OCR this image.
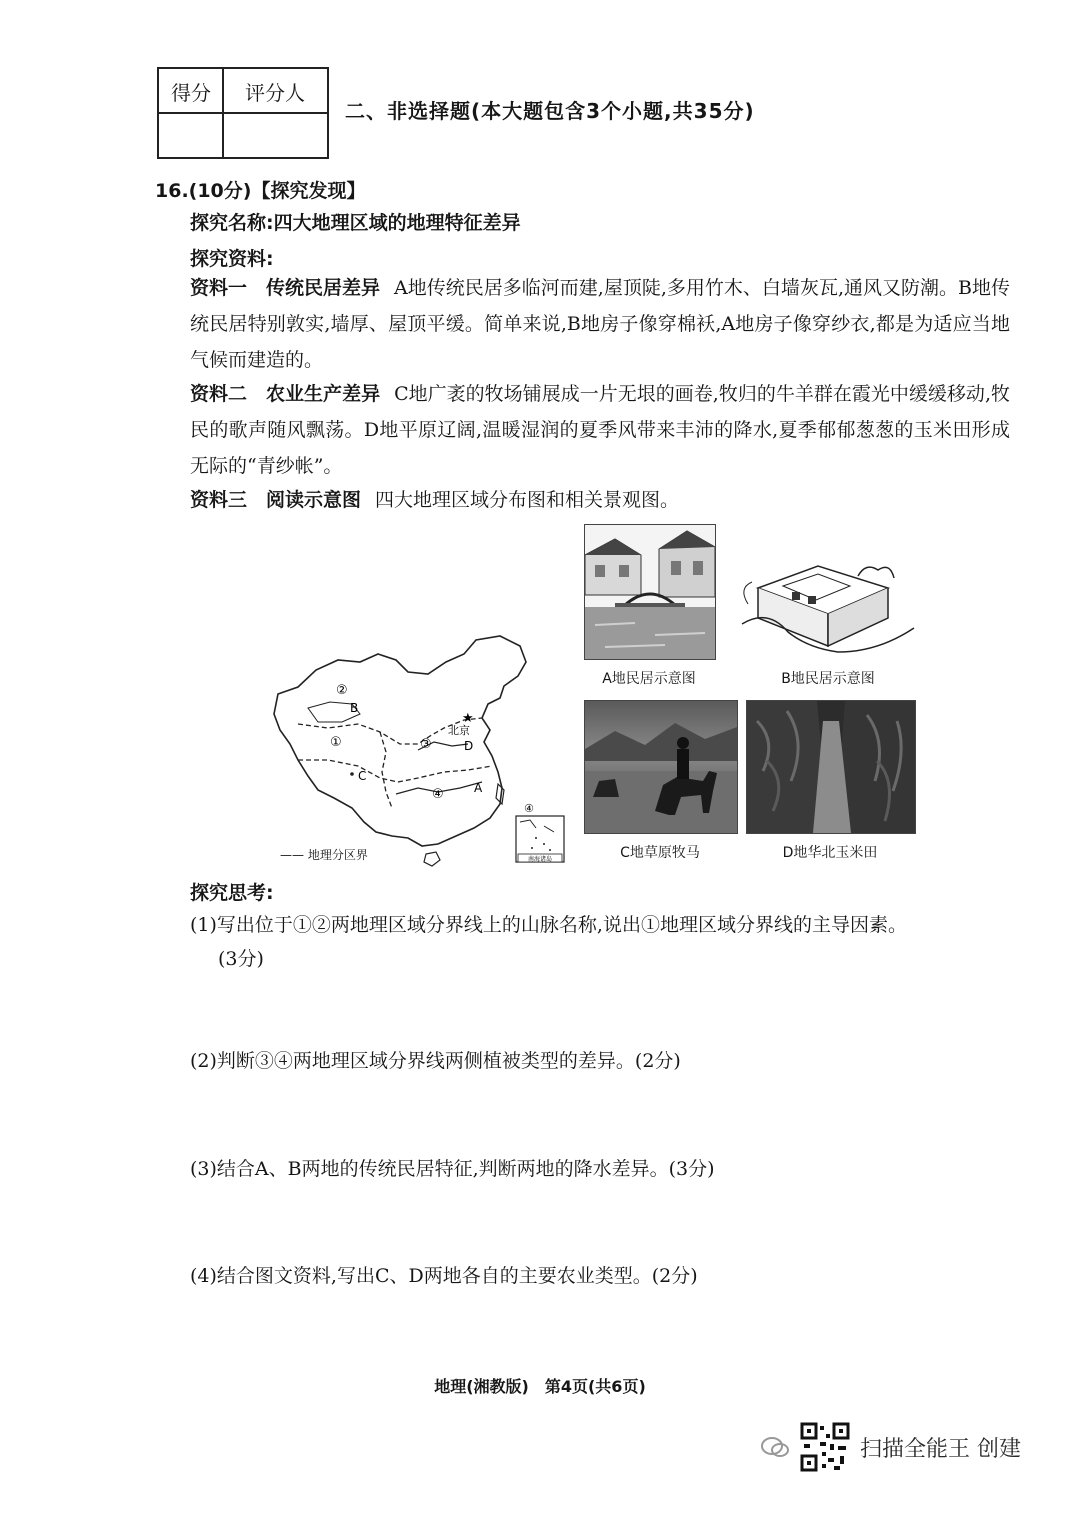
得分	评分人
二、非选择题(本大题包含3个小题,共35分)
16.(10分)【探究发现】
探究名称:四大地理区域的地理特征差异
探究资料:
资料一　传统民居差异 A地传统民居多临河而建,屋顶陡,多用竹木、白墙灰瓦,通风又防潮。B地传统民居特别敦实,墙厚、屋顶平缓。简单来说,B地房子像穿棉袄,A地房子像穿纱衣,都是为适应当地气候而建造的。
资料二　农业生产差异 C地广袤的牧场铺展成一片无垠的画卷,牧归的牛羊群在霞光中缓缓移动,牧民的歌声随风飘荡。D地平原辽阔,温暖湿润的夏季风带来丰沛的降水,夏季郁郁葱葱的玉米田形成无际的“青纱帐”。
资料三　阅读示意图 四大地理区域分布图和相关景观图。
②
B
①
C
③
★
北京
D
④	A
④
南海诸岛
—— 地理分区界
A地民居示意图	B地民居示意图
C地草原牧马	D地华北玉米田
探究思考:
(1)写出位于①②两地理区域分界线上的山脉名称,说出①地理区域分界线的主导因素。
(3分)
(2)判断③④两地理区域分界线两侧植被类型的差异。(2分)
(3)结合A、B两地的传统民居特征,判断两地的降水差异。(3分)
(4)结合图文资料,写出C、D两地各自的主要农业类型。(2分)
地理(湘教版)　第4页(共6页)
扫描全能王 创建
